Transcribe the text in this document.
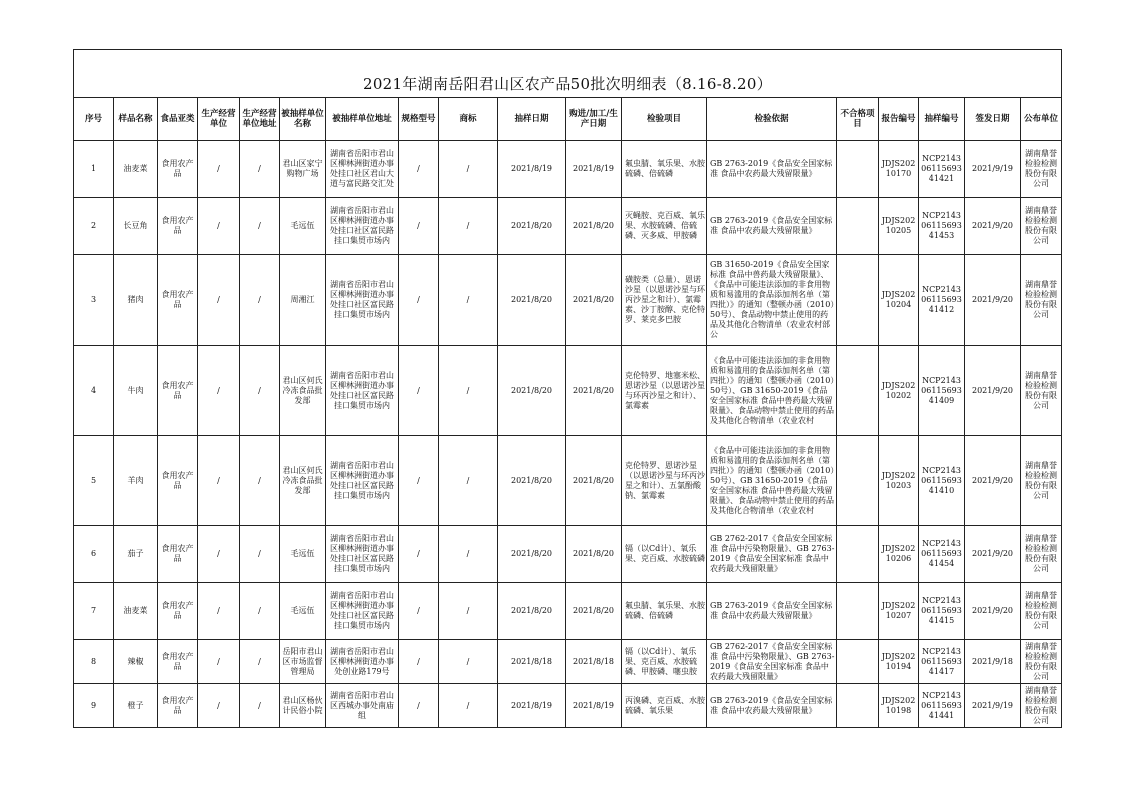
2021年湖南岳阳君山区农产品50批次明细表（8.16-8.20）																	
序号	样品名称	食品亚类	生产经营单位	生产经营单位地址	被抽样单位名称	被抽样单位地址	规格型号	商标	抽样日期	购进/加工/生产日期	检验项目	检验依据	不合格项目	报告编号	抽样编号	签发日期	公布单位

1	油麦菜	食用农产品	/	/	君山区家宁购物广场	湖南省岳阳市君山区柳林洲街道办事处挂口社区君山大道与富民路交汇处	/	/	2021/8/19	2021/8/19	氟虫腈、氧乐果、水胺硫磷、倍硫磷	GB 2763-2019《食品安全国家标准 食品中农药最大残留限量》		JDJS20210170	NCP21430611569341421	2021/9/19	湖南鼎誉检验检测股份有限公司

2	长豆角	食用农产品	/	/	毛远伍	湖南省岳阳市君山区柳林洲街道办事处挂口社区富民路挂口集贸市场内	/	/	2021/8/20	2021/8/20	灭蝇胺、克百威、氧乐果、水胺硫磷、倍硫磷、灭多威、甲胺磷	GB 2763-2019《食品安全国家标准 食品中农药最大残留限量》		JDJS20210205	NCP21430611569341453	2021/9/20	湖南鼎誉检验检测股份有限公司

3	猪肉	食用农产品	/	/	周湘江	湖南省岳阳市君山区柳林洲街道办事处挂口社区富民路挂口集贸市场内	/	/	2021/8/20	2021/8/20	磺胺类（总量）、恩诺沙星（以恩诺沙星与环丙沙星之和计）、氯霉素、沙丁胺醇、克伦特罗、莱克多巴胺	GB 31650-2019《食品安全国家标准 食品中兽药最大残留限量》、《食品中可能违法添加的非食用物质和易滥用的食品添加剂名单（第四批）》的通知（整顿办函（2010）50号）、食品动物中禁止使用的药品及其他化合物清单（农业农村部公		JDJS20210204	NCP21430611569341412	2021/9/20	湖南鼎誉检验检测股份有限公司

4	牛肉	食用农产品	/	/	君山区何氏冷冻食品批发部	湖南省岳阳市君山区柳林洲街道办事处挂口社区富民路挂口集贸市场内	/	/	2021/8/20	2021/8/20	克伦特罗、地塞米松、恩诺沙星（以恩诺沙星与环丙沙星之和计）、氯霉素	《食品中可能违法添加的非食用物质和易滥用的食品添加剂名单（第四批）》的通知（整顿办函（2010）50号）、GB 31650-2019《食品安全国家标准 食品中兽药最大残留限量》、食品动物中禁止使用的药品及其他化合物清单（农业农村		JDJS20210202	NCP21430611569341409	2021/9/20	湖南鼎誉检验检测股份有限公司

5	羊肉	食用农产品	/	/	君山区何氏冷冻食品批发部	湖南省岳阳市君山区柳林洲街道办事处挂口社区富民路挂口集贸市场内	/	/	2021/8/20	2021/8/20	克伦特罗、恩诺沙星（以恩诺沙星与环丙沙星之和计）、五氯酚酸钠、氯霉素	《食品中可能违法添加的非食用物质和易滥用的食品添加剂名单（第四批）》的通知（整顿办函（2010）50号）、GB 31650-2019《食品安全国家标准 食品中兽药最大残留限量》、食品动物中禁止使用的药品及其他化合物清单（农业农村		JDJS20210203	NCP21430611569341410	2021/9/20	湖南鼎誉检验检测股份有限公司

6	茄子	食用农产品	/	/	毛远伍	湖南省岳阳市君山区柳林洲街道办事处挂口社区富民路挂口集贸市场内	/	/	2021/8/20	2021/8/20	镉（以Cd计）、氧乐果、克百威、水胺硫磷	GB 2762-2017《食品安全国家标准 食品中污染物限量》、GB 2763-2019《食品安全国家标准 食品中农药最大残留限量》		JDJS20210206	NCP21430611569341454	2021/9/20	湖南鼎誉检验检测股份有限公司

7	油麦菜	食用农产品	/	/	毛远伍	湖南省岳阳市君山区柳林洲街道办事处挂口社区富民路挂口集贸市场内	/	/	2021/8/20	2021/8/20	氟虫腈、氧乐果、水胺硫磷、倍硫磷	GB 2763-2019《食品安全国家标准 食品中农药最大残留限量》		JDJS20210207	NCP21430611569341415	2021/9/20	湖南鼎誉检验检测股份有限公司

8	辣椒	食用农产品	/	/	岳阳市君山区市场监督管理局	湖南省岳阳市君山区柳林洲街道办事处创业路179号	/	/	2021/8/18	2021/8/18	镉（以Cd计）、氧乐果、克百威、水胺硫磷、甲胺磷、噻虫胺	GB 2762-2017《食品安全国家标准 食品中污染物限量》、GB 2763-2019《食品安全国家标准 食品中农药最大残留限量》		JDJS20210194	NCP21430611569341417	2021/9/18	湖南鼎誉检验检测股份有限公司

9	橙子	食用农产品	/	/	君山区杨伙计民俗小院	湖南省岳阳市君山区西城办事处南庙组	/	/	2021/8/19	2021/8/19	丙溴磷、克百威、水胺硫磷、氧乐果	GB 2763-2019《食品安全国家标准 食品中农药最大残留限量》		JDJS20210198	NCP21430611569341441	2021/9/19	湖南鼎誉检验检测股份有限公司
